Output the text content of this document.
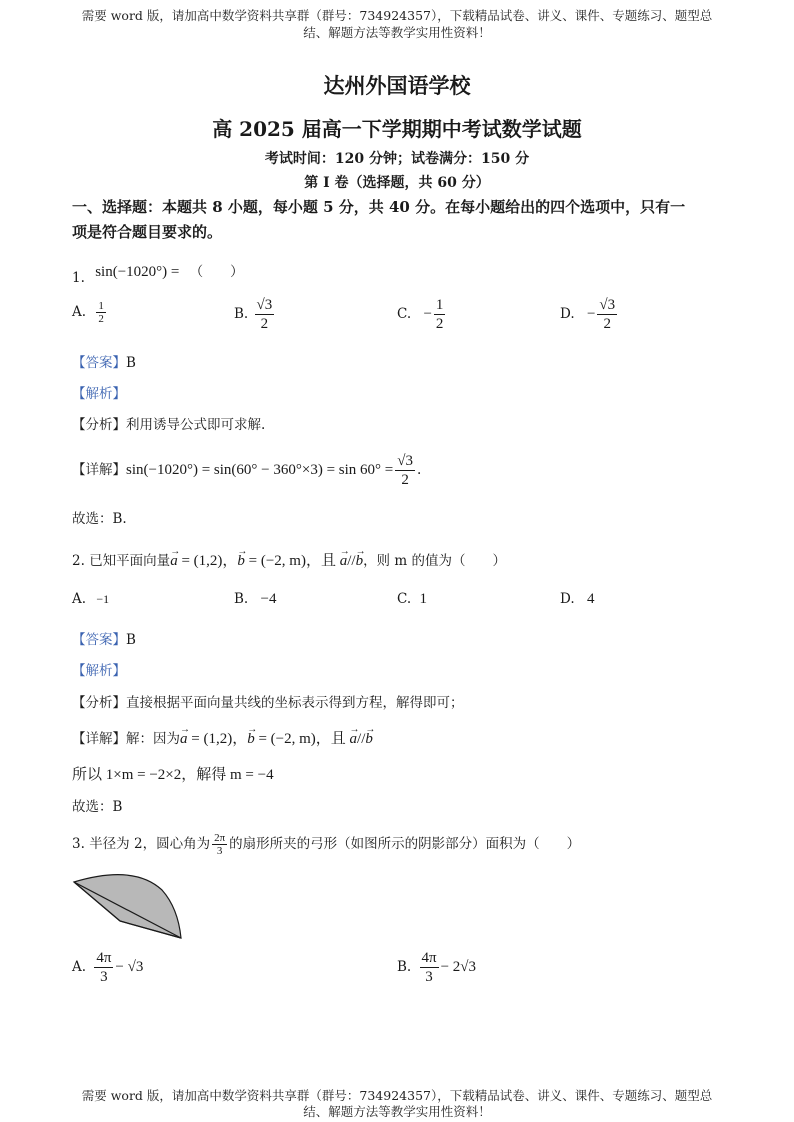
需要 word 版，请加高中数学资料共享群（群号：734924357），下载精品试卷、讲义、课件、专题练习、题型总
结、解题方法等教学实用性资料！
达州外国语学校
高 2025 届高一下学期期中考试数学试题
考试时间：120 分钟；试卷满分：150 分
第 I 卷（选择题，共 60 分）
一、选择题：本题共 8 小题，每小题 5 分，共 40 分。在每小题给出的四个选项中，只有一
项是符合题目要求的。
1. sin(−1020°) = （　　）
A. $\frac{1}{2}$	B. $\frac{√3}{2}$	C. − $\frac{1}{2}$	D. − $\frac{√3}{2}$
【答案】B
【解析】
【分析】利用诱导公式即可求解.
【详解】$\sin(-1020^\circ) = \sin(60^\circ - 360^\circ\times 3) = \sin 60^\circ = \frac{√3}{2}$ .
故选：B.
2. 已知平面向量→ a = (1,2)，→ b = (−2, m)，且 → a//→ b，则 m 的值为（　　）
A. −1	B. −4	C. 1	D. 4
【答案】B
【解析】
【分析】直接根据平面向量共线的坐标表示得到方程，解得即可；
【详解】解：因为→ a = (1,2)，→ b = (−2, m)，且 → a//→ b
所以 1×m = −2×2，解得 m = −4
故选：B
3. 半径为 2，圆心角为 $\frac{2\pi}{3}$ 的扇形所夹的弓形（如图所示的阴影部分）面积为（　　）
A. $\frac{4\pi}{3} - √3$	B. $\frac{4\pi}{3} - 2√3$
需要 word 版，请加高中数学资料共享群（群号：734924357），下载精品试卷、讲义、课件、专题练习、题型总
结、解题方法等教学实用性资料！
